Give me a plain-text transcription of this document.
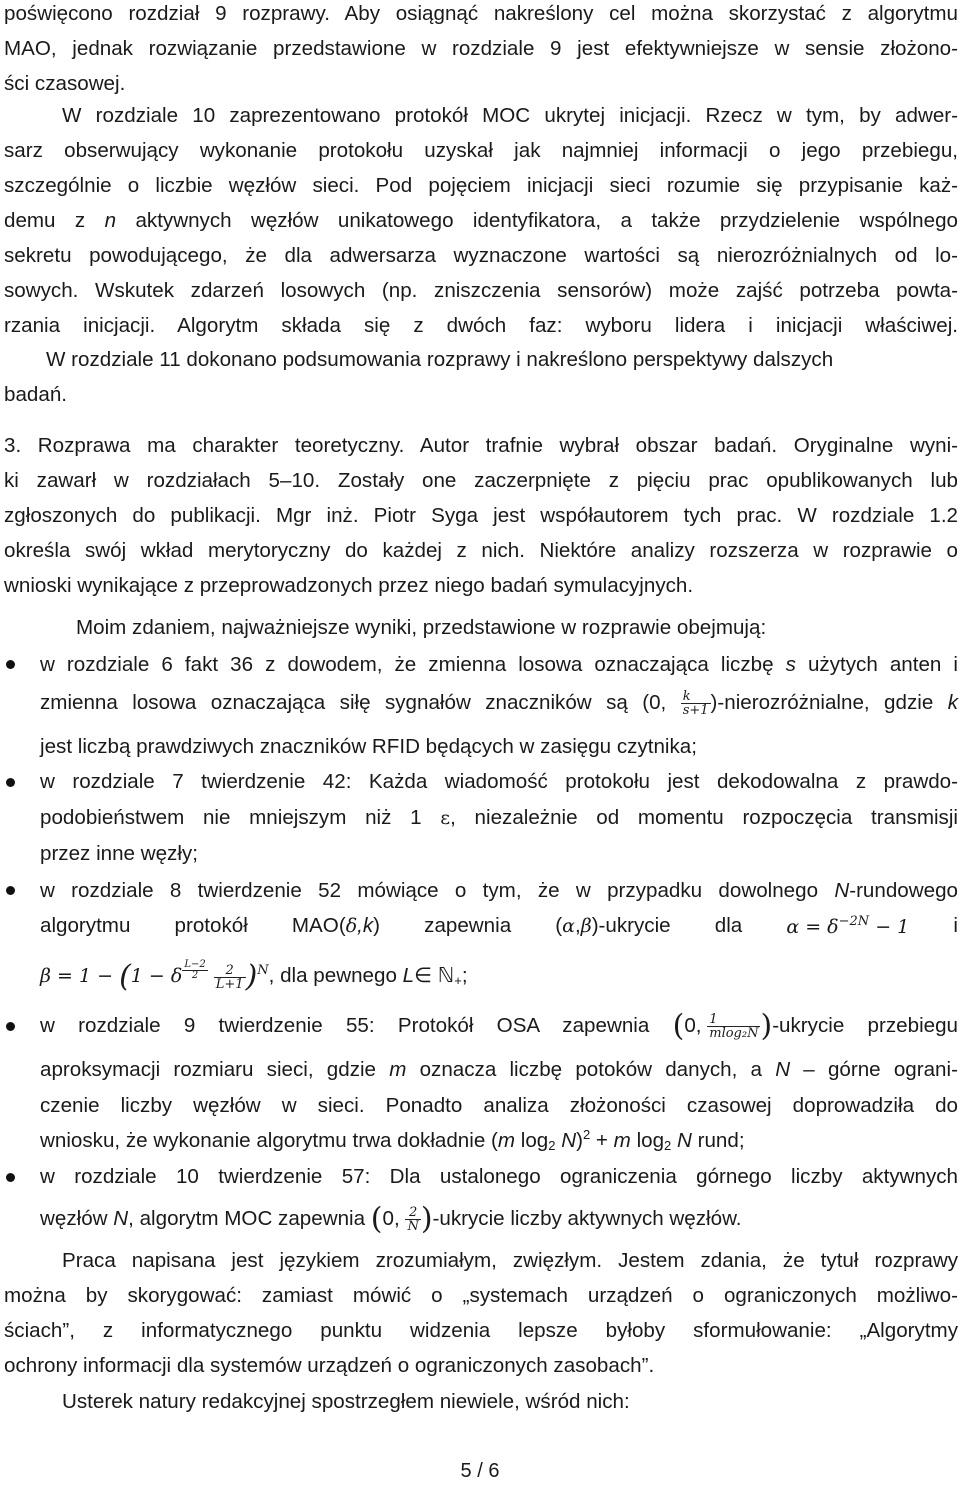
poświęcono rozdział 9 rozprawy. Aby osiągnąć nakreślony cel można skorzystać z algorytmu
MAO, jednak rozwiązanie przedstawione w rozdziale 9 jest efektywniejsze w sensie złożono-
ści czasowej.
W rozdziale 10 zaprezentowano protokół MOC ukrytej inicjacji. Rzecz w tym, by adwer-
sarz obserwujący wykonanie protokołu uzyskał jak najmniej informacji o jego przebiegu,
szczególnie o liczbie węzłów sieci. Pod pojęciem inicjacji sieci rozumie się przypisanie każ-
demu z n aktywnych węzłów unikatowego identyfikatora, a także przydzielenie wspólnego
sekretu powodującego, że dla adwersarza wyznaczone wartości są nierozróżnialnych od lo-
sowych. Wskutek zdarzeń losowych (np. zniszczenia sensorów) może zajść potrzeba powta-
rzania inicjacji. Algorytm składa się z dwóch faz: wyboru lidera i inicjacji właściwej.
W rozdziale 11 dokonano podsumowania rozprawy i nakreślono perspektywy dalszych
badań.
3. Rozprawa ma charakter teoretyczny. Autor trafnie wybrał obszar badań. Oryginalne wyni-
ki zawarł w rozdziałach 5–10. Zostały one zaczerpnięte z pięciu prac opublikowanych lub
zgłoszonych do publikacji. Mgr inż. Piotr Syga jest współautorem tych prac. W rozdziale 1.2
określa swój wkład merytoryczny do każdej z nich. Niektóre analizy rozszerza w rozprawie o
wnioski wynikające z przeprowadzonych przez niego badań symulacyjnych.
Moim zdaniem, najważniejsze wyniki, przedstawione w rozprawie obejmują:
w rozdziale 6 fakt 36 z dowodem, że zmienna losowa oznaczająca liczbę s użytych anten i
zmienna losowa oznaczająca siłę sygnałów znaczników są (0, $\frac{k}{s+1}$ )-nierozróżnialne, gdzie k
jest liczbą prawdziwych znaczników RFID będących w zasięgu czytnika;
w rozdziale 7 twierdzenie 42: Każda wiadomość protokołu jest dekodowalna z prawdo-
podobieństwem nie mniejszym niż 1 ε, niezależnie od momentu rozpoczęcia transmisji
przez inne węzły;
w rozdziale 8 twierdzenie 52 mówiące o tym, że w przypadku dowolnego N-rundowego
algorytmu protokół MAO(δ,k) zapewnia (α,β)-ukrycie dla $\alpha = \delta^{-2N} - 1$ i
β = 1 − (1 − δ $^{\frac{L-2}{2}}$
$\frac{2}{L+1} )^N$, dla pewnego L∈ ℕ$_+$;
w rozdziale 9 twierdzenie 55: Protokół OSA zapewnia (0, $\frac{1}{\text{mlog₂N}}$ )-ukrycie przebiegu
aproksymacji rozmiaru sieci, gdzie m oznacza liczbę potoków danych, a N – górne ograni-
czenie liczby węzłów w sieci. Ponadto analiza złożoności czasowej doprowadziła do
wniosku, że wykonanie algorytmu trwa dokładnie (m $\log_2 N)^2 + m$ $\log_2 N$ rund;
w rozdziale 10 twierdzenie 57: Dla ustalonego ograniczenia górnego liczby aktywnych
węzłów N, algorytm MOC zapewnia (0, $\frac{2}{N}$ )-ukrycie liczby aktywnych węzłów.
Praca napisana jest językiem zrozumiałym, zwięzłym. Jestem zdania, że tytuł rozprawy
można by skorygować: zamiast mówić o „systemach urządzeń o ograniczonych możliwo-
ściach”, z informatycznego punktu widzenia lepsze byłoby sformułowanie: „Algorytmy
ochrony informacji dla systemów urządzeń o ograniczonych zasobach”.
Usterek natury redakcyjnej spostrzegłem niewiele, wśród nich:
5 / 6
